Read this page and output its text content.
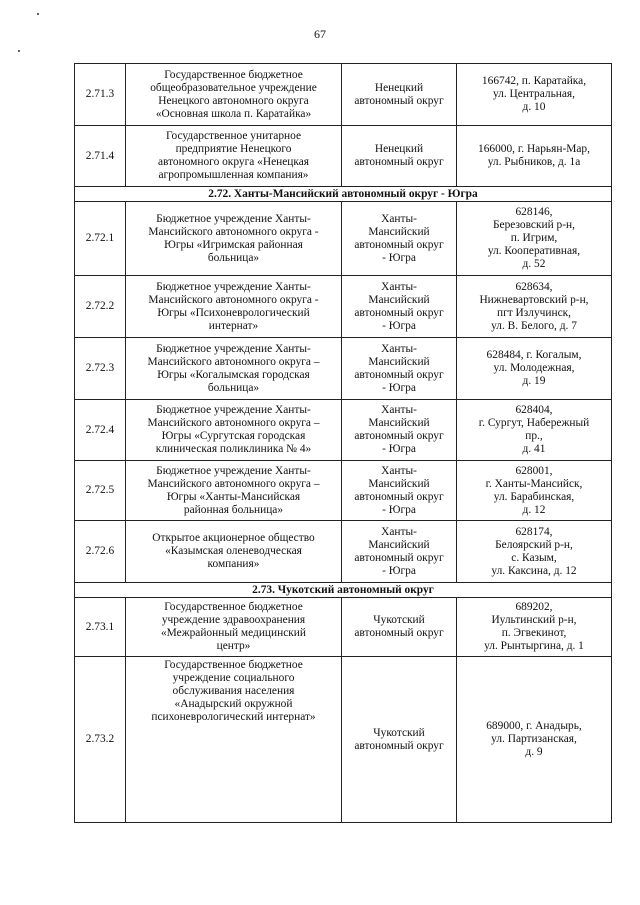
67
2.71.3	Государственное бюджетное
общеобразовательное учреждение
Ненецкого автономного округа
«Основная школа п. Каратайка»	Ненецкий
автономный округ	166742, п. Каратайка,
ул. Центральная,
д. 10
2.71.4	Государственное унитарное
предприятие Ненецкого
автономного округа «Ненецкая
агропромышленная компания»	Ненецкий
автономный округ	166000, г. Нарьян-Мар,
ул. Рыбников, д. 1а
2.72. Ханты-Мансийский автономный округ - Югра			
2.72.1	Бюджетное учреждение Ханты-
Мансийского автономного округа -
Югры «Игримская районная
больница»	Ханты-
Мансийский
автономный округ
- Югра	628146,
Березовский р-н,
п. Игрим,
ул. Кооперативная,
д. 52
2.72.2	Бюджетное учреждение Ханты-
Мансийского автономного округа -
Югры «Психоневрологический
интернат»	Ханты-
Мансийский
автономный округ
- Югра	628634,
Нижневартовский р-н,
пгт Излучинск,
ул. В. Белого, д. 7
2.72.3	Бюджетное учреждение Ханты-
Мансийского автономного округа –
Югры «Когалымская городская
больница»	Ханты-
Мансийский
автономный округ
- Югра	628484, г. Когалым,
ул. Молодежная,
д. 19
2.72.4	Бюджетное учреждение Ханты-
Мансийского автономного округа –
Югры «Сургутская городская
клиническая поликлиника № 4»	Ханты-
Мансийский
автономный округ
- Югра	628404,
г. Сургут, Набережный
пр.,
д. 41
2.72.5	Бюджетное учреждение Ханты-
Мансийского автономного округа –
Югры «Ханты-Мансийская
районная больница»	Ханты-
Мансийский
автономный округ
- Югра	628001,
г. Ханты-Мансийск,
ул. Барабинская,
д. 12
2.72.6	Открытое акционерное общество
«Казымская оленеводческая
компания»	Ханты-
Мансийский
автономный округ
- Югра	628174,
Белоярский р-н,
с. Казым,
ул. Каксина, д. 12
2.73. Чукотский автономный округ			
2.73.1	Государственное бюджетное
учреждение здравоохранения
«Межрайонный медицинский
центр»	Чукотский
автономный округ	689202,
Иультинский р-н,
п. Эгвекинот,
ул. Рынтыргина, д. 1
2.73.2	Государственное бюджетное
учреждение социального
обслуживания населения
«Анадырский окружной
психоневрологический интернат»	Чукотский
автономный округ	689000, г. Анадырь,
ул. Партизанская,
д. 9
